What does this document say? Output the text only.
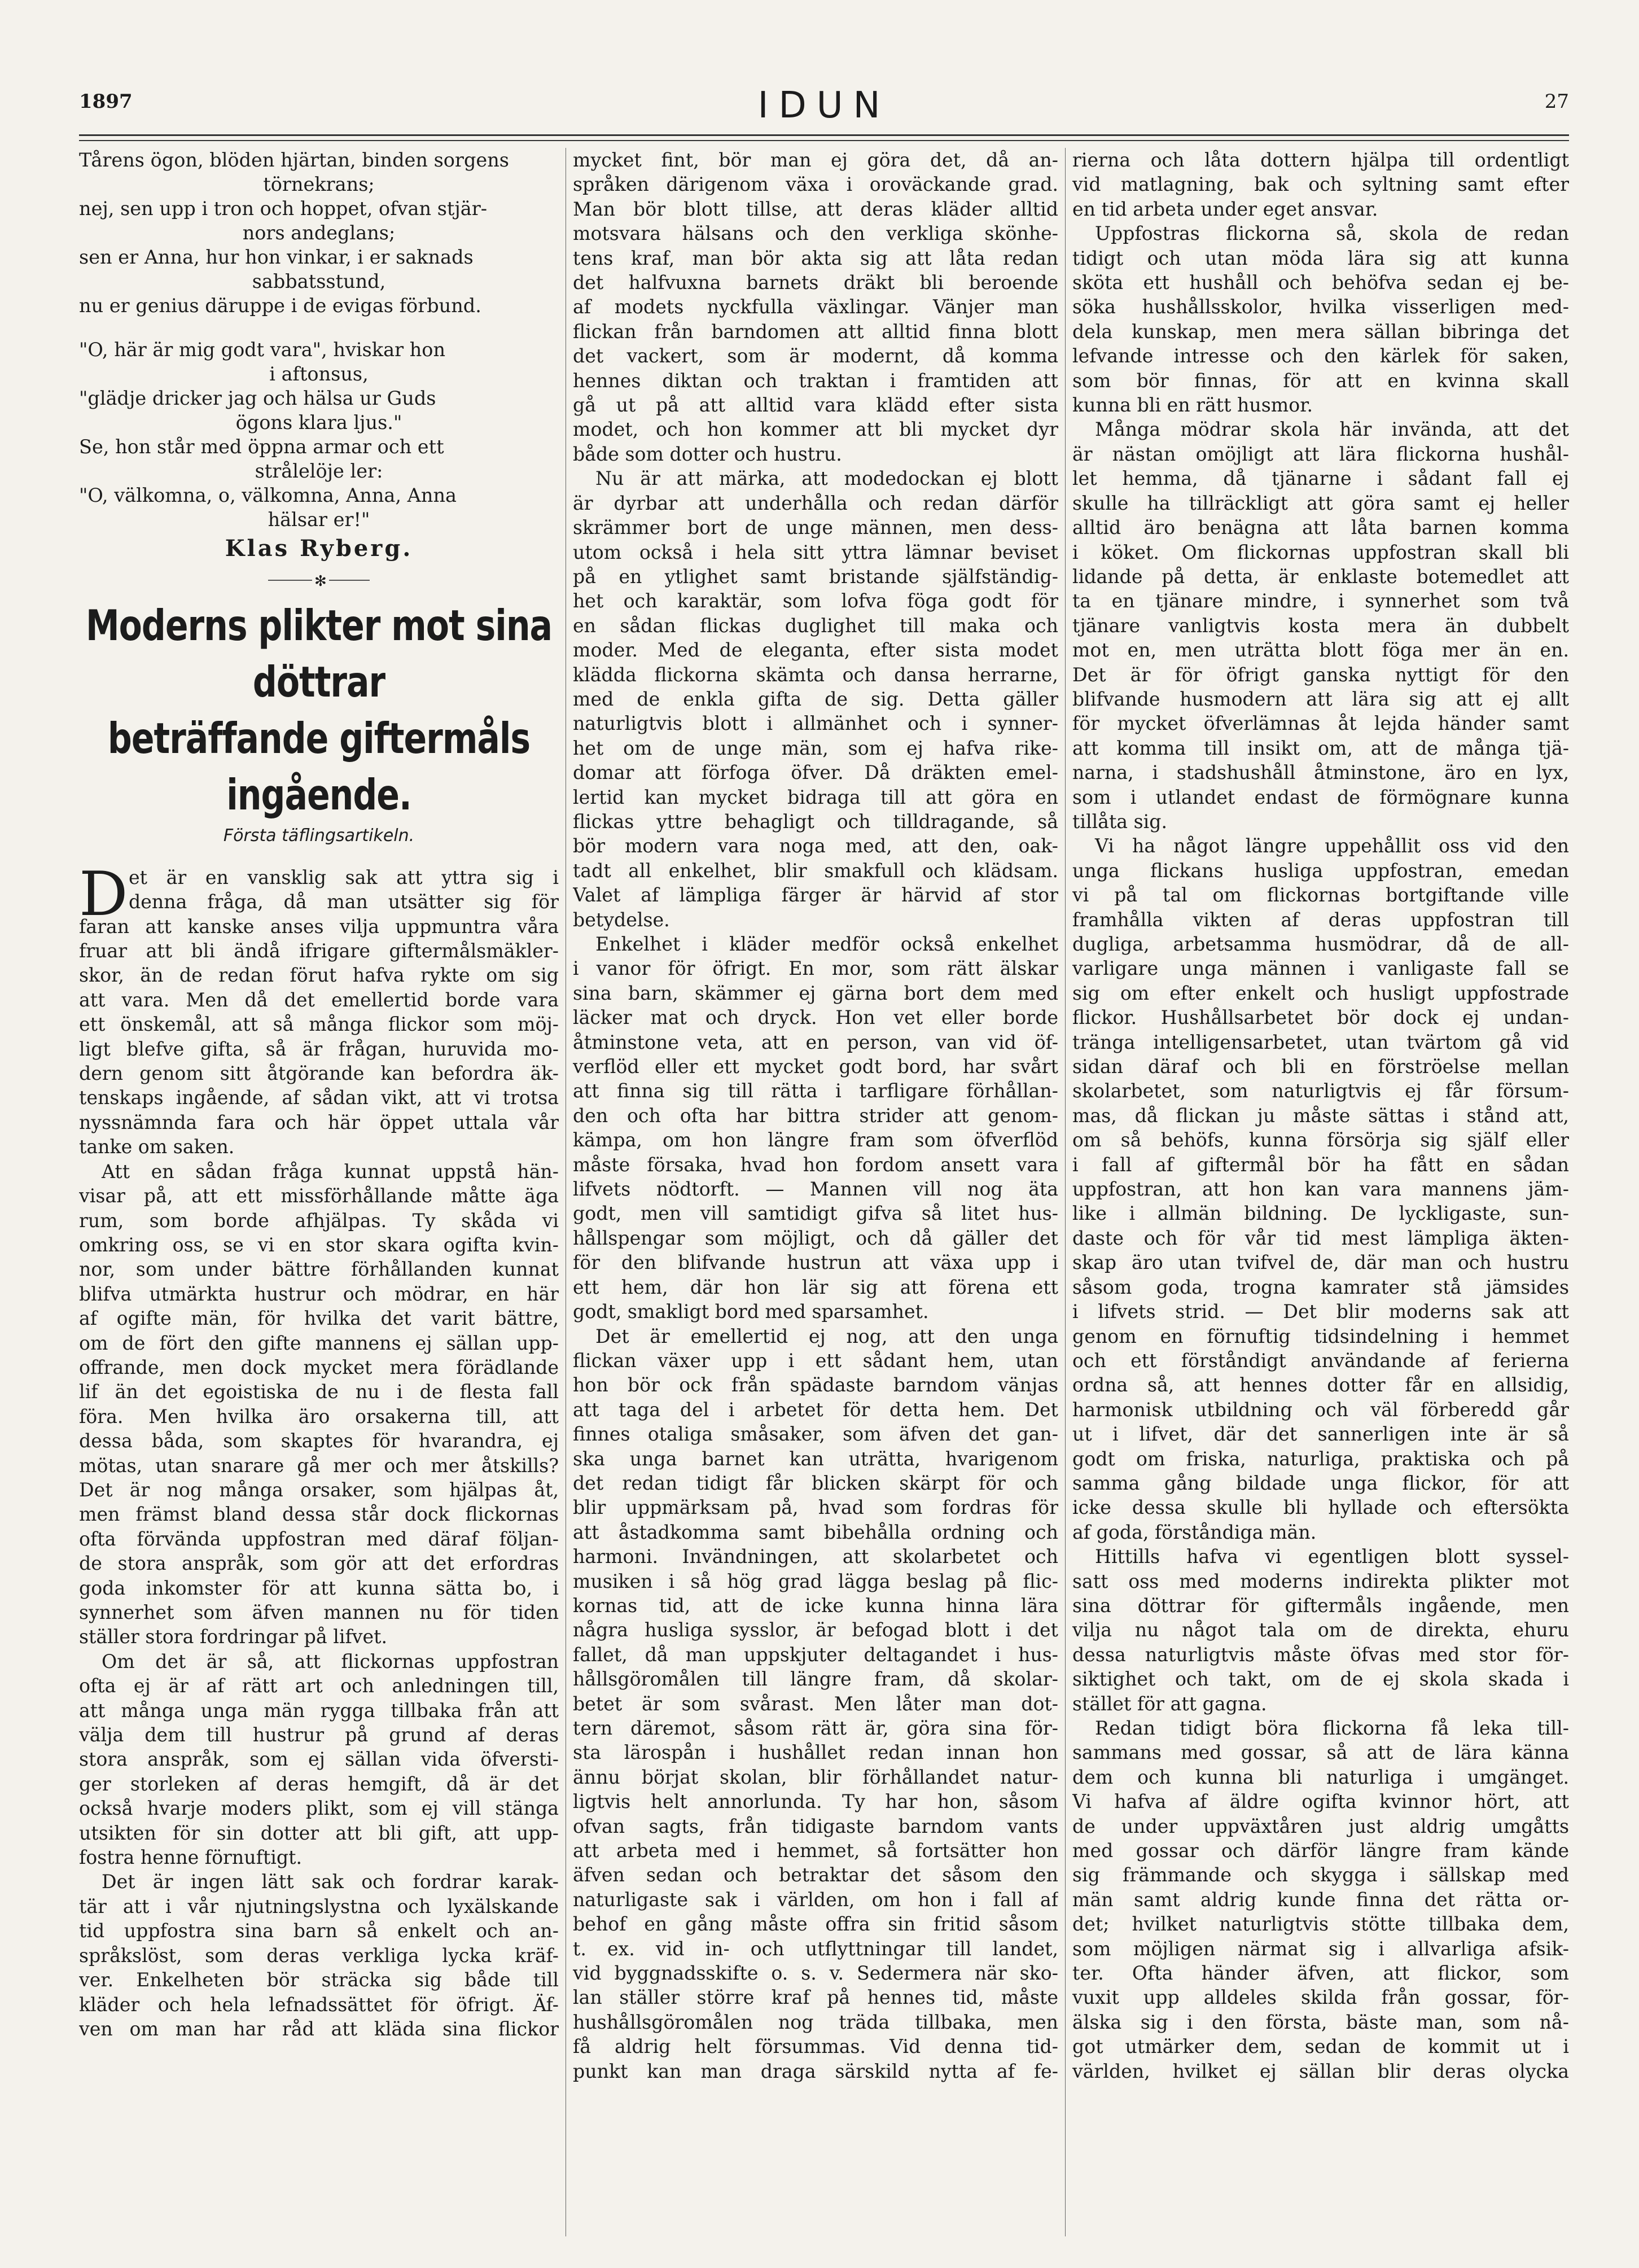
1897	IDUN	27
Tårens ögon, blöden hjärtan, binden sorgens
törnekrans;
nej, sen upp i tron och hoppet, ofvan stjär-
nors andeglans;
sen er Anna, hur hon vinkar, i er saknads
sabbatsstund,
nu er genius däruppe i de evigas förbund.
"O, här är mig godt vara", hviskar hon
i aftonsus,
"glädje dricker jag och hälsa ur Guds
ögons klara ljus."
Se, hon står med öppna armar och ett
strålelöje ler:
"O, välkomna, o, välkomna, Anna, Anna
hälsar er!"
Klas Ryberg.
✻
Moderns plikter mot sina döttrar
beträffande giftermåls ingående.
Första täflingsartikeln.
D et är en vansklig sak att yttra sig i
denna fråga, då man utsätter sig för
faran att kanske anses vilja uppmuntra våra
fruar att bli ändå ifrigare giftermålsmäkler-
skor, än de redan förut hafva rykte om sig
att vara. Men då det emellertid borde vara
ett önskemål, att så många flickor som möj-
ligt blefve gifta, så är frågan, huruvida mo-
dern genom sitt åtgörande kan befordra äk-
tenskaps ingående, af sådan vikt, att vi trotsa
nyssnämnda fara och här öppet uttala vår
tanke om saken.
Att en sådan fråga kunnat uppstå hän-
visar på, att ett missförhållande måtte äga
rum, som borde afhjälpas. Ty skåda vi
omkring oss, se vi en stor skara ogifta kvin-
nor, som under bättre förhållanden kunnat
blifva utmärkta hustrur och mödrar, en här
af ogifte män, för hvilka det varit bättre,
om de fört den gifte mannens ej sällan upp-
offrande, men dock mycket mera förädlande
lif än det egoistiska de nu i de flesta fall
föra. Men hvilka äro orsakerna till, att
dessa båda, som skaptes för hvarandra, ej
mötas, utan snarare gå mer och mer åtskills?
Det är nog många orsaker, som hjälpas åt,
men främst bland dessa står dock flickornas
ofta förvända uppfostran med däraf följan-
de stora anspråk, som gör att det erfordras
goda inkomster för att kunna sätta bo, i
synnerhet som äfven mannen nu för tiden
ställer stora fordringar på lifvet.
Om det är så, att flickornas uppfostran
ofta ej är af rätt art och anledningen till,
att många unga män rygga tillbaka från att
välja dem till hustrur på grund af deras
stora anspråk, som ej sällan vida öfversti-
ger storleken af deras hemgift, då är det
också hvarje moders plikt, som ej vill stänga
utsikten för sin dotter att bli gift, att upp-
fostra henne förnuftigt.
Det är ingen lätt sak och fordrar karak-
tär att i vår njutningslystna och lyxälskande
tid uppfostra sina barn så enkelt och an-
språkslöst, som deras verkliga lycka kräf-
ver. Enkelheten bör sträcka sig både till
kläder och hela lefnadssättet för öfrigt. Äf-
ven om man har råd att kläda sina flickor
mycket fint, bör man ej göra det, då an-
språken därigenom växa i oroväckande grad.
Man bör blott tillse, att deras kläder alltid
motsvara hälsans och den verkliga skönhe-
tens kraf, man bör akta sig att låta redan
det halfvuxna barnets dräkt bli beroende
af modets nyckfulla växlingar. Vänjer man
flickan från barndomen att alltid finna blott
det vackert, som är modernt, då komma
hennes diktan och traktan i framtiden att
gå ut på att alltid vara klädd efter sista
modet, och hon kommer att bli mycket dyr
både som dotter och hustru.
Nu är att märka, att modedockan ej blott
är dyrbar att underhålla och redan därför
skrämmer bort de unge männen, men dess-
utom också i hela sitt yttra lämnar beviset
på en ytlighet samt bristande själfständig-
het och karaktär, som lofva föga godt för
en sådan flickas duglighet till maka och
moder. Med de eleganta, efter sista modet
klädda flickorna skämta och dansa herrarne,
med de enkla gifta de sig. Detta gäller
naturligtvis blott i allmänhet och i synner-
het om de unge män, som ej hafva rike-
domar att förfoga öfver. Då dräkten emel-
lertid kan mycket bidraga till att göra en
flickas yttre behagligt och tilldragande, så
bör modern vara noga med, att den, oak-
tadt all enkelhet, blir smakfull och klädsam.
Valet af lämpliga färger är härvid af stor
betydelse.
Enkelhet i kläder medför också enkelhet
i vanor för öfrigt. En mor, som rätt älskar
sina barn, skämmer ej gärna bort dem med
läcker mat och dryck. Hon vet eller borde
åtminstone veta, att en person, van vid öf-
verflöd eller ett mycket godt bord, har svårt
att finna sig till rätta i tarfligare förhållan-
den och ofta har bittra strider att genom-
kämpa, om hon längre fram som öfverflöd
måste försaka, hvad hon fordom ansett vara
lifvets nödtorft. — Mannen vill nog äta
godt, men vill samtidigt gifva så litet hus-
hållspengar som möjligt, och då gäller det
för den blifvande hustrun att växa upp i
ett hem, där hon lär sig att förena ett
godt, smakligt bord med sparsamhet.
Det är emellertid ej nog, att den unga
flickan växer upp i ett sådant hem, utan
hon bör ock från spädaste barndom vänjas
att taga del i arbetet för detta hem. Det
finnes otaliga småsaker, som äfven det gan-
ska unga barnet kan uträtta, hvarigenom
det redan tidigt får blicken skärpt för och
blir uppmärksam på, hvad som fordras för
att åstadkomma samt bibehålla ordning och
harmoni. Invändningen, att skolarbetet och
musiken i så hög grad lägga beslag på flic-
kornas tid, att de icke kunna hinna lära
några husliga sysslor, är befogad blott i det
fallet, då man uppskjuter deltagandet i hus-
hållsgöromålen till längre fram, då skolar-
betet är som svårast. Men låter man dot-
tern däremot, såsom rätt är, göra sina för-
sta lärospån i hushållet redan innan hon
ännu börjat skolan, blir förhållandet natur-
ligtvis helt annorlunda. Ty har hon, såsom
ofvan sagts, från tidigaste barndom vants
att arbeta med i hemmet, så fortsätter hon
äfven sedan och betraktar det såsom den
naturligaste sak i världen, om hon i fall af
behof en gång måste offra sin fritid såsom
t. ex. vid in- och utflyttningar till landet,
vid byggnadsskifte o. s. v. Sedermera när sko-
lan ställer större kraf på hennes tid, måste
hushållsgöromålen nog träda tillbaka, men
få aldrig helt försummas. Vid denna tid-
punkt kan man draga särskild nytta af fe-
rierna och låta dottern hjälpa till ordentligt
vid matlagning, bak och syltning samt efter
en tid arbeta under eget ansvar.
Uppfostras flickorna så, skola de redan
tidigt och utan möda lära sig att kunna
sköta ett hushåll och behöfva sedan ej be-
söka hushållsskolor, hvilka visserligen med-
dela kunskap, men mera sällan bibringa det
lefvande intresse och den kärlek för saken,
som bör finnas, för att en kvinna skall
kunna bli en rätt husmor.
Många mödrar skola här invända, att det
är nästan omöjligt att lära flickorna hushål-
let hemma, då tjänarne i sådant fall ej
skulle ha tillräckligt att göra samt ej heller
alltid äro benägna att låta barnen komma
i köket. Om flickornas uppfostran skall bli
lidande på detta, är enklaste botemedlet att
ta en tjänare mindre, i synnerhet som två
tjänare vanligtvis kosta mera än dubbelt
mot en, men uträtta blott föga mer än en.
Det är för öfrigt ganska nyttigt för den
blifvande husmodern att lära sig att ej allt
för mycket öfverlämnas åt lejda händer samt
att komma till insikt om, att de många tjä-
narna, i stadshushåll åtminstone, äro en lyx,
som i utlandet endast de förmögnare kunna
tillåta sig.
Vi ha något längre uppehållit oss vid den
unga flickans husliga uppfostran, emedan
vi på tal om flickornas bortgiftande ville
framhålla vikten af deras uppfostran till
dugliga, arbetsamma husmödrar, då de all-
varligare unga männen i vanligaste fall se
sig om efter enkelt och husligt uppfostrade
flickor. Hushållsarbetet bör dock ej undan-
tränga intelligensarbetet, utan tvärtom gå vid
sidan däraf och bli en förströelse mellan
skolarbetet, som naturligtvis ej får försum-
mas, då flickan ju måste sättas i stånd att,
om så behöfs, kunna försörja sig själf eller
i fall af giftermål bör ha fått en sådan
uppfostran, att hon kan vara mannens jäm-
like i allmän bildning. De lyckligaste, sun-
daste och för vår tid mest lämpliga äkten-
skap äro utan tvifvel de, där man och hustru
såsom goda, trogna kamrater stå jämsides
i lifvets strid. — Det blir moderns sak att
genom en förnuftig tidsindelning i hemmet
och ett förståndigt användande af ferierna
ordna så, att hennes dotter får en allsidig,
harmonisk utbildning och väl förberedd går
ut i lifvet, där det sannerligen inte är så
godt om friska, naturliga, praktiska och på
samma gång bildade unga flickor, för att
icke dessa skulle bli hyllade och eftersökta
af goda, förståndiga män.
Hittills hafva vi egentligen blott syssel-
satt oss med moderns indirekta plikter mot
sina döttrar för giftermåls ingående, men
vilja nu något tala om de direkta, ehuru
dessa naturligtvis måste öfvas med stor för-
siktighet och takt, om de ej skola skada i
stället för att gagna.
Redan tidigt böra flickorna få leka till-
sammans med gossar, så att de lära känna
dem och kunna bli naturliga i umgänget.
Vi hafva af äldre ogifta kvinnor hört, att
de under uppväxtåren just aldrig umgåtts
med gossar och därför längre fram kände
sig främmande och skygga i sällskap med
män samt aldrig kunde finna det rätta or-
det; hvilket naturligtvis stötte tillbaka dem,
som möjligen närmat sig i allvarliga afsik-
ter. Ofta händer äfven, att flickor, som
vuxit upp alldeles skilda från gossar, för-
älska sig i den första, bäste man, som nå-
got utmärker dem, sedan de kommit ut i
världen, hvilket ej sällan blir deras olycka
